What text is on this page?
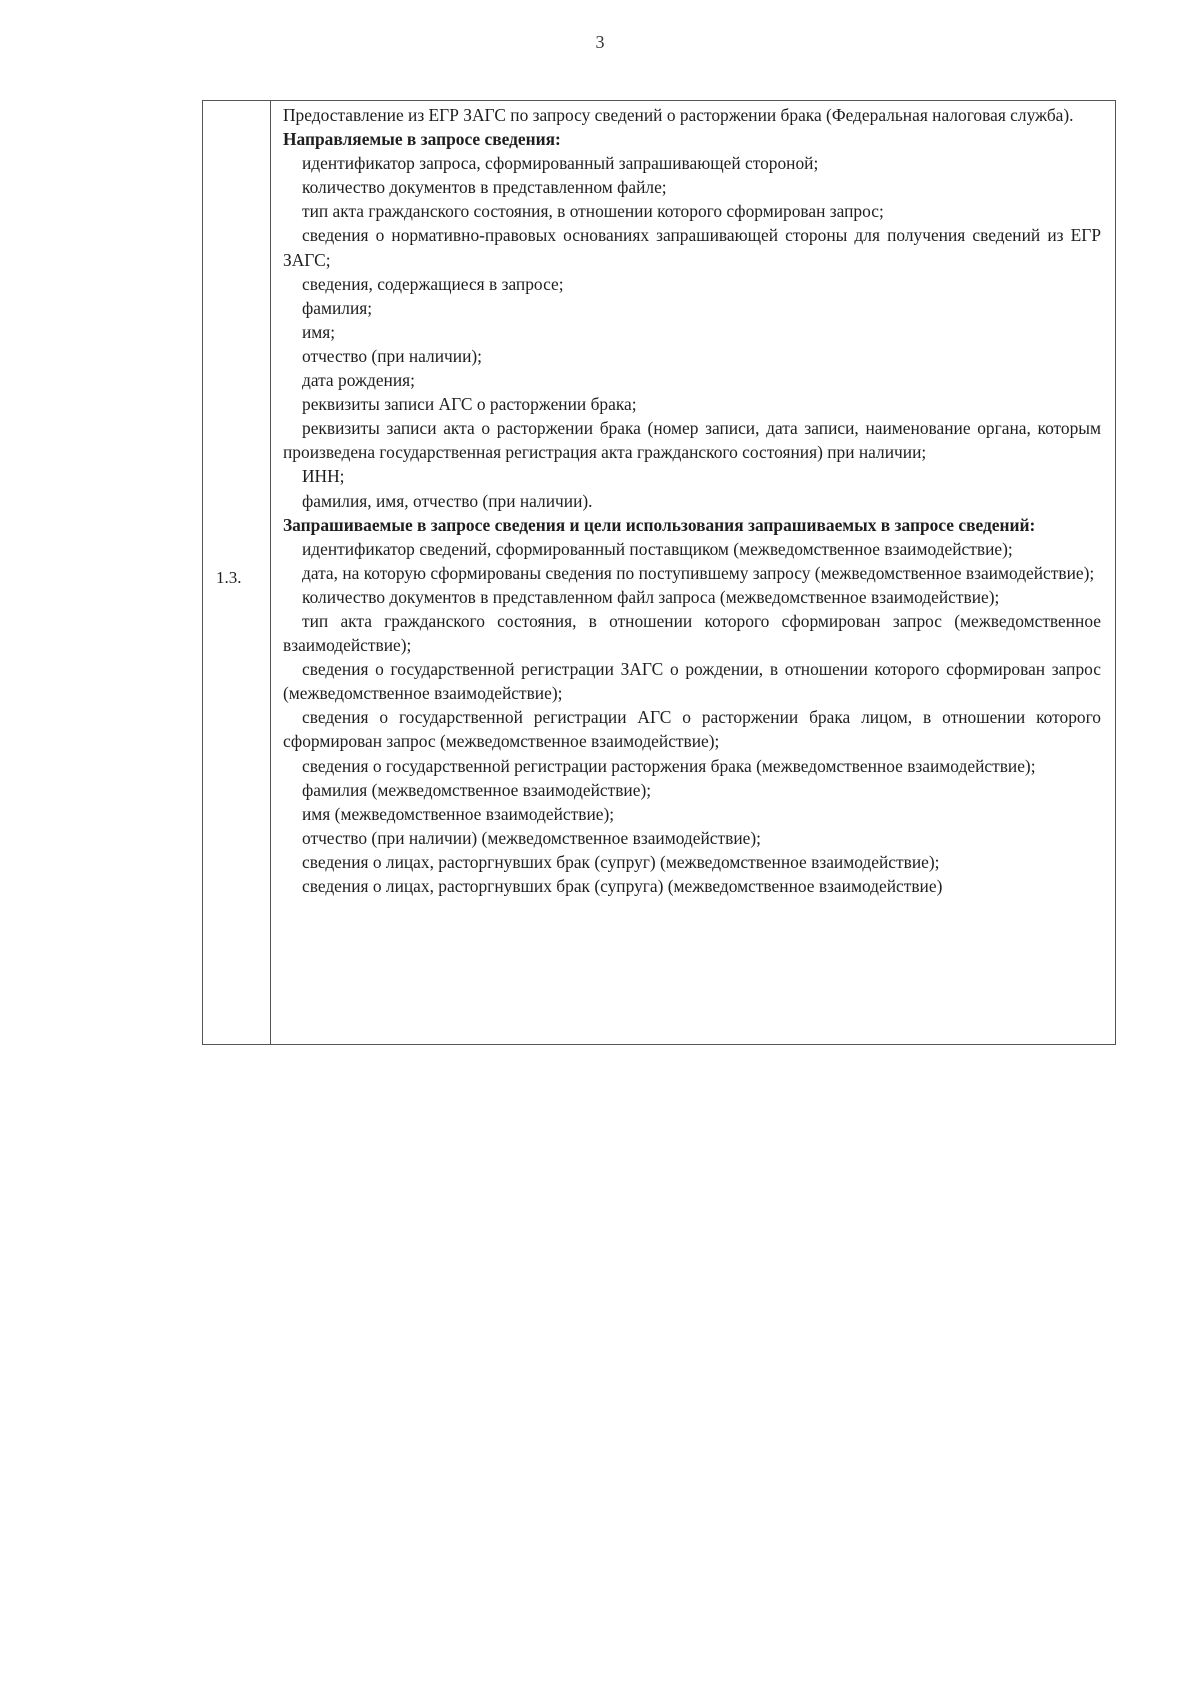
3
1.3.

Предоставление из ЕГР ЗАГС по запросу сведений о расторжении брака (Федеральная налоговая служба).

Направляемые в запросе сведения:

идентификатор запроса, сформированный запрашивающей стороной;

количество документов в представленном файле;

тип акта гражданского состояния, в отношении которого сформирован запрос;

сведения о нормативно-правовых основаниях запрашивающей стороны для получения сведений из ЕГР ЗАГС;

сведения, содержащиеся в запросе;

фамилия;

имя;

отчество (при наличии);

дата рождения;

реквизиты записи АГС о расторжении брака;

реквизиты записи акта о расторжении брака (номер записи, дата записи, наименование органа, которым произведена государственная регистрация акта гражданского состояния) при наличии;

ИНН;

фамилия, имя, отчество (при наличии).

Запрашиваемые в запросе сведения и цели использования запрашиваемых в запросе сведений:

идентификатор сведений, сформированный поставщиком (межведомственное взаимодействие);

дата, на которую сформированы сведения по поступившему запросу (межведомственное взаимодействие);

количество документов в представленном файл запроса (межведомственное взаимодействие);

тип акта гражданского состояния, в отношении которого сформирован запрос (межведомственное взаимодействие);

сведения о государственной регистрации ЗАГС о рождении, в отношении которого сформирован запрос (межведомственное взаимодействие);

сведения о государственной регистрации АГС о расторжении брака лицом, в отношении которого сформирован запрос (межведомственное взаимодействие);

сведения о государственной регистрации расторжения брака (межведомственное взаимодействие);

фамилия (межведомственное взаимодействие);

имя (межведомственное взаимодействие);

отчество (при наличии) (межведомственное взаимодействие);

сведения о лицах, расторгнувших брак (супруг) (межведомственное взаимодействие);

сведения о лицах, расторгнувших брак (супруга) (межведомственное взаимодействие)
